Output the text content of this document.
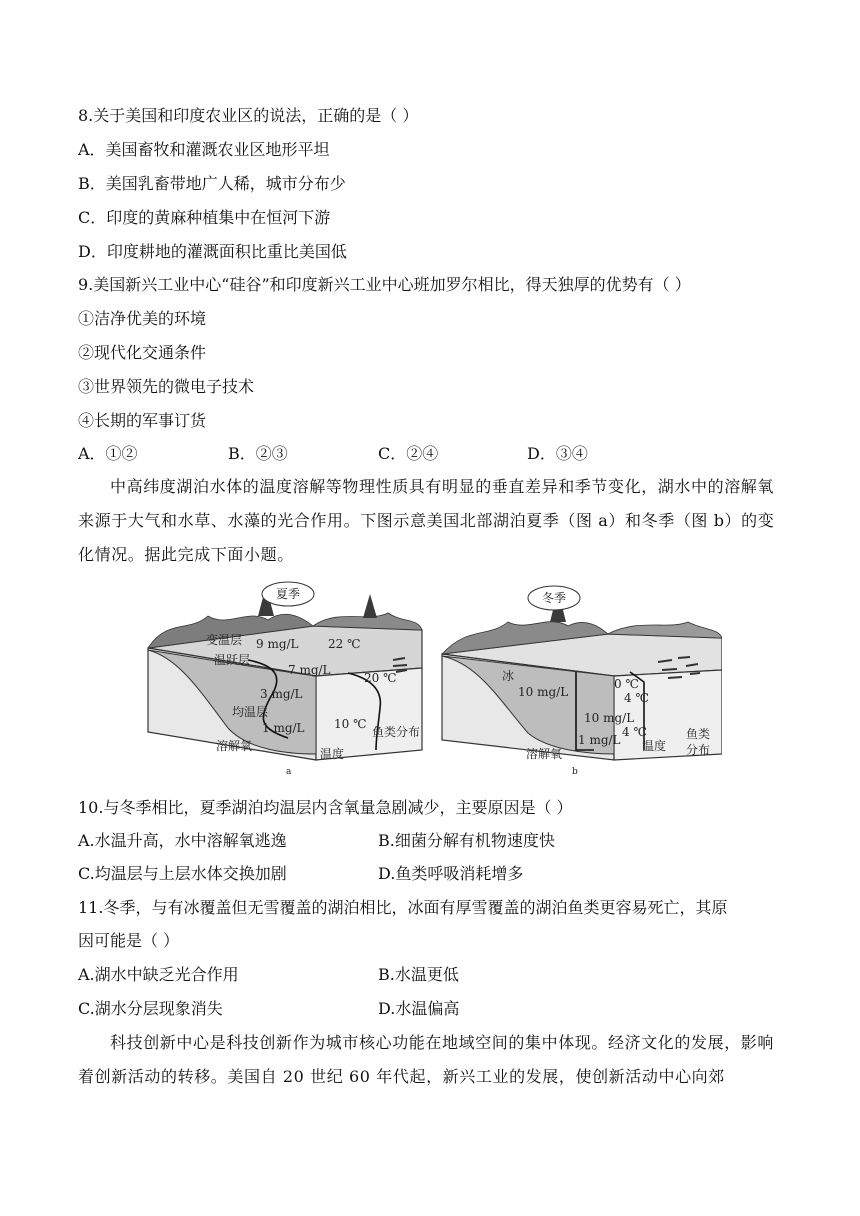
8.关于美国和印度农业区的说法，正确的是（ ）
A．美国畜牧和灌溉农业区地形平坦
B．美国乳畜带地广人稀，城市分布少
C．印度的黄麻种植集中在恒河下游
D．印度耕地的灌溉面积比重比美国低
9.美国新兴工业中心“硅谷”和印度新兴工业中心班加罗尔相比，得天独厚的优势有（ ）
①洁净优美的环境
②现代化交通条件
③世界领先的微电子技术
④长期的军事订货
A．①②	B．②③	C．②④	D．③④
中高纬度湖泊水体的温度溶解等物理性质具有明显的垂直差异和季节变化，湖水中的溶解氧来源于大气和水草、水藻的光合作用。下图示意美国北部湖泊夏季（图 a）和冬季（图 b）的变化情况。据此完成下面小题。
夏季
变温层 9 mg/L
温跃层
7 mg/L
22 ℃
20 ℃
3 mg/L
均温层
1 mg/L 10 ℃
溶解氧
温度
鱼类分布
a
冬季
冰
10 mg/L
0 ℃
4 ℃
10 mg/L
4 ℃
1 mg/L
溶解氧
温度
鱼类
分布
b
10.与冬季相比，夏季湖泊均温层内含氧量急剧减少，主要原因是（ ）
A.水温升高，水中溶解氧逃逸	B.细菌分解有机物速度快
C.均温层与上层水体交换加剧	D.鱼类呼吸消耗增多
11.冬季，与有冰覆盖但无雪覆盖的湖泊相比，冰面有厚雪覆盖的湖泊鱼类更容易死亡，其原
因可能是（ ）
A.湖水中缺乏光合作用	B.水温更低
C.湖水分层现象消失	D.水温偏高
科技创新中心是科技创新作为城市核心功能在地域空间的集中体现。经济文化的发展，影响着创新活动的转移。美国自 20 世纪 60 年代起，新兴工业的发展，使创新活动中心向郊
